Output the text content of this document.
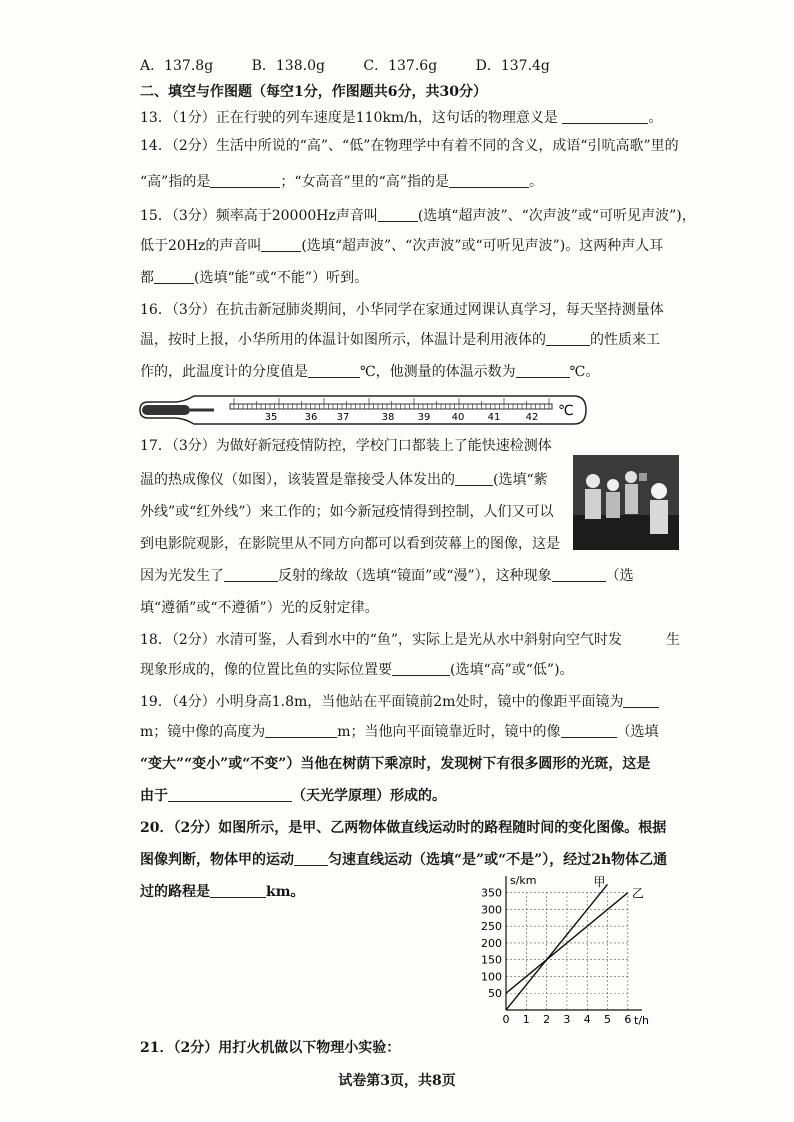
A．137.8g	B．138.0g	C．137.6g	D．137.4g
二、填空与作图题（每空1分，作图题共6分，共30分）
13．（1分）正在行驶的列车速度是110km/h，这句话的物理意义是	。
14．（2分）生活中所说的“高”、“低”在物理学中有着不同的含义，成语“引吭高歌”里的
“高”指的是	；“女高音”里的“高”指的是	。
15．（3分）频率高于20000Hz声音叫	(选填“超声波”、“次声波”或“可听见声波”)，
低于20Hz的声音叫	(选填“超声波”、“次声波”或“可听见声波”)。这两种声人耳
都	(选填“能”或“不能”）听到。
16．（3分）在抗击新冠肺炎期间，小华同学在家通过网课认真学习，每天坚持测量体
温，按时上报，小华所用的体温计如图所示，体温计是利用液体的	的性质来工
作的，此温度计的分度值是	℃，他测量的体温示数为	℃。
35	36 37	38 39 40 41	42 ℃
17．（3分）为做好新冠疫情防控，学校门口都装上了能快速检测体
温的热成像仪（如图），该装置是靠接受人体发出的	(选填“紫
外线”或“红外线”）来工作的；如今新冠疫情得到控制，人们又可以
到电影院观影，在影院里从不同方向都可以看到荧幕上的图像，这是
因为光发生了	反射的缘故（选填“镜面”或“漫”），这种现象	（选
填“遵循”或“不遵循”）光的反射定律。
18．（2分）水清可鉴，人看到水中的“鱼”，实际上是光从水中斜射向空气时发	生
现象形成的，像的位置比鱼的实际位置要	(选填“高”或“低”)。
19．（4分）小明身高1.8m，当他站在平面镜前2m处时，镜中的像距平面镜为
m；镜中像的高度为	m；当他向平面镜靠近时，镜中的像	（选填
“变大”“变小”或“不变”）当他在树荫下乘凉时，发现树下有很多圆形的光斑，这是
由于	（天光学原理）形成的。
20．（2分）如图所示，是甲、乙两物体做直线运动时的路程随时间的变化图像。根据
图像判断，物体甲的运动 匀速直线运动（选填“是”或“不是”），经过2h物体乙通
过的路程是	km。
s/km
t/h
0 1 2 3 4 5 6
50
100
150
200
250
300
350
甲
乙
21．（2分）用打火机做以下物理小实验：
试卷第3页，共8页
